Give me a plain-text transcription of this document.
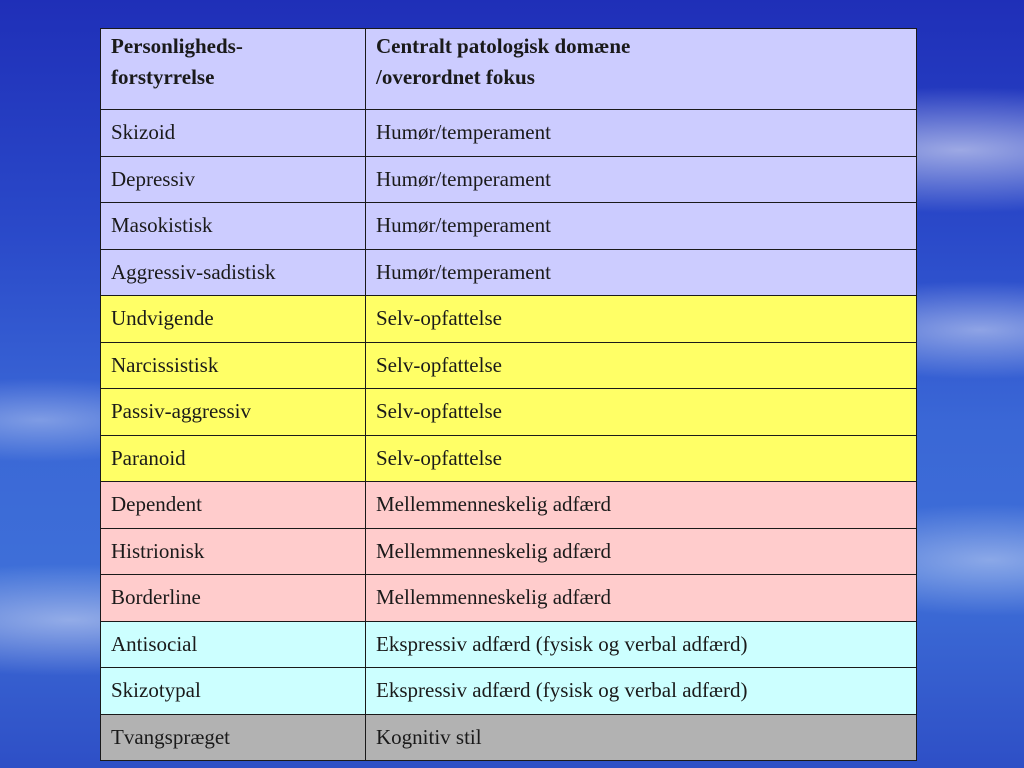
Personligheds-
forstyrrelse	Centralt patologisk domæne
/overordnet fokus

Skizoid	Humør/temperament
Depressiv	Humør/temperament
Masokistisk	Humør/temperament
Aggressiv-sadistisk	Humør/temperament
Undvigende	Selv-opfattelse
Narcissistisk	Selv-opfattelse
Passiv-aggressiv	Selv-opfattelse
Paranoid	Selv-opfattelse
Dependent	Mellemmenneskelig adfærd
Histrionisk	Mellemmenneskelig adfærd
Borderline	Mellemmenneskelig adfærd
Antisocial	Ekspressiv adfærd (fysisk og verbal adfærd)
Skizotypal	Ekspressiv adfærd (fysisk og verbal adfærd)
Tvangspræget	Kognitiv stil
